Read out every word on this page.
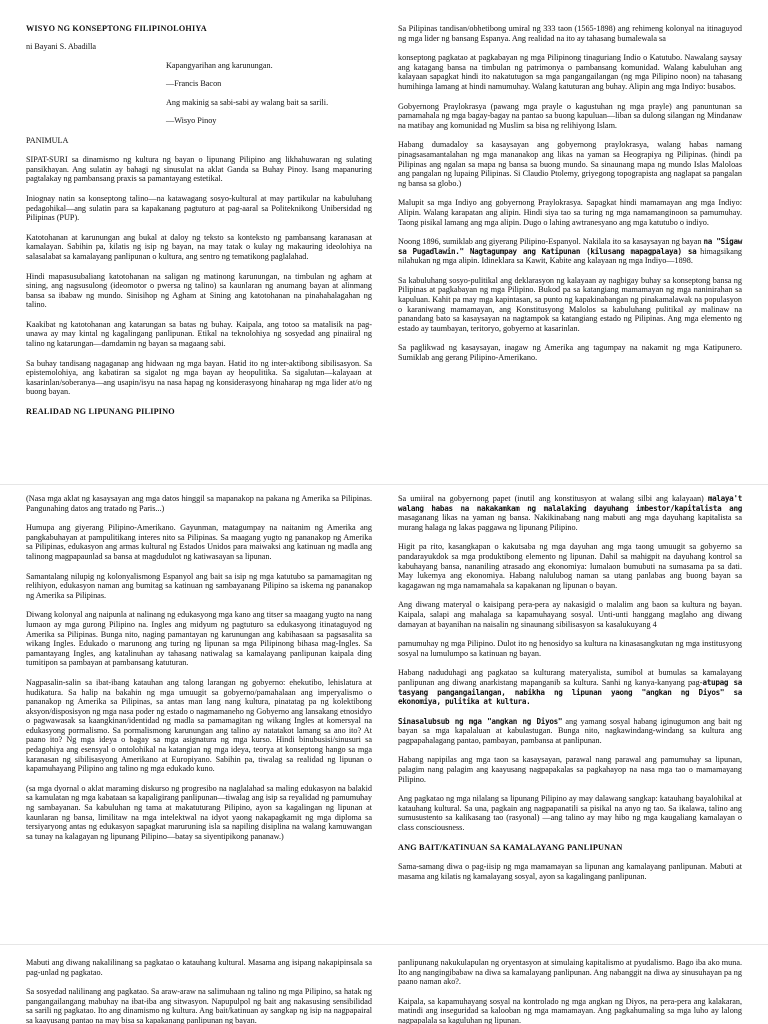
WISYO NG KONSEPTONG FILIPINOLOHIYA

ni Bayani S. Abadilla

Kapangyarihan ang karunungan.

—Francis Bacon

Ang makinig sa sabi-sabi ay walang bait sa sarili.

—Wisyo Pinoy

PANIMULA

SIPAT-SURI sa dinamismo ng kultura ng bayan o lipunang Pilipino ang likhahuwaran ng sulating pansikhayan. Ang sulatin ay bahagi ng sinusulat na aklat Ganda sa Buhay Pinoy. Isang mapanuring pagtalakay ng pambansang praxis sa pamantayang estetikal.

Iniognay natin sa konseptong talino—na katawagang sosyo-kultural at may partikular na kabuluhang pedagohikal—ang sulatin para sa kapakanang pagtuturo at pag-aaral sa Politeknikong Unibersidad ng Pilipinas (PUP).

Katotohanan at karunungan ang bukal at daloy ng teksto sa konteksto ng pambansang karanasan at kamalayan. Sabihin pa, kilatis ng isip ng bayan, na may tatak o kulay ng makauring ideolohiya na salasalabat sa kamalayang panlipunan o kultura, ang sentro ng tematikong paglalahad.

Hindi mapasusubaliang katotohanan na saligan ng matinong karunungan, na timbulan ng agham at sining, ang nagsusulong (ideomotor o pwersa ng talino) sa kaunlaran ng anumang bayan at alinmang bansa sa ibabaw ng mundo. Sinisihop ng Agham at Sining ang katotohanan na pinahahalagahan ng talino.

Kaakibat ng katotohanan ang katarungan sa batas ng buhay. Kaipala, ang totoo sa matalisik na pag-unawa ay may kintal ng kagalingang panlipunan. Etikal na teknolohiya ng sosyedad ang pinaiiral ng talino ng katarungan—damdamin ng bayan sa magaang sabi.

Sa buhay tandisang nagaganap ang hidwaan ng mga bayan. Hatid ito ng inter-aktibong sibilisasyon. Sa epistemolohiya, ang kabatiran sa sigalot ng mga bayan ay heopulitika. Sa sigalutan—kalayaan at kasarinlan/soberanya—ang usapin/isyu na nasa hapag ng konsiderasyong hinaharap ng mga lider at/o ng buong bayan.

REALIDAD NG LIPUNANG PILIPINO

Sa Pilipinas tandisan/obhetibong umiral ng 333 taon (1565-1898) ang rehimeng kolonyal na itinaguyod ng mga lider ng bansang Espanya. Ang realidad na ito ay tahasang bumalewala sa

konseptong pagkatao at pagkabayan ng mga Pilipinong tinaguriang Indio o Katutubo. Nawalang saysay ang katagang bansa na timbulan ng patrimonya o pambansang komunidad. Walang kabuluhan ang kalayaan sapagkat hindi ito nakatutugon sa mga pangangailangan (ng mga Pilipino noon) na tahasang humihinga lamang at hindi namumuhay. Walang katuturan ang buhay. Alipin ang mga Indiyo: busabos.

Gobyernong Praylokrasya (pawang mga prayle o kagustuhan ng mga prayle) ang panuntunan sa pamamahala ng mga bagay-bagay na pantao sa buong kapuluan—liban sa dulong silangan ng Mindanaw na matibay ang komunidad ng Muslim sa bisa ng relihiyong Islam.

Habang dumadaloy sa kasaysayan ang gobyernong praylokrasya, walang habas namang pinagsasamantalahan ng mga mananakop ang likas na yaman sa Heograpiya ng Pilipinas. (hindi pa Pilipinas ang ngalan sa mapa ng bansa sa buong mundo. Sa sinaunang mapa ng mundo Islas Maloloas ang pangalan ng lupaing Pilipinas. Si Claudio Ptolemy, griyegong topograpista ang naglapat sa pangalan ng bansa sa globo.)

Malupit sa mga Indiyo ang gobyernong Praylokrasya. Sapagkat hindi mamamayan ang mga Indiyo: Alipin. Walang karapatan ang alipin. Hindi siya tao sa turing ng mga namamanginoon sa pamumuhay. Taong pisikal lamang ang mga alipin. Dugo o lahing awtranesyano ang mga katutubo o indiyo.

Noong 1896, sumiklab ang giyerang Pilipino-Espanyol. Nakilala ito sa kasaysayan ng bayan na "Sigaw sa Pugadlawin." Nagtagumpay ang Katipunan (kilusang mapagpalaya) sa himagsikang nilahukan ng mga alipin. Idineklara sa Kawit, Kabite ang kalayaan ng mga Indiyo—1898.

Sa kabuluhang sosyo-pulitikal ang deklarasyon ng kalayaan ay nagbigay buhay sa konseptong bansa ng Pilipinas at pagkabayan ng mga Pilipino. Bukod pa sa katangiang mamamayan ng mga naninirahan sa kapuluan. Kahit pa may mga kapintasan, sa punto ng kapakinabangan ng pinakamalawak na populasyon o karaniwang mamamayan, ang Konstitusyong Malolos sa kabuluhang pulitikal ay malinaw na panandang bato sa kasaysayan na nagtampok sa katangiang estado ng Pilipinas. Ang mga elemento ng estado ay taumbayan, teritoryo, gobyerno at kasarinlan.

Sa paglikwad ng kasaysayan, inagaw ng Amerika ang tagumpay na nakamit ng mga Katipunero. Sumiklab ang gerang Pilipino-Amerikano.

(Nasa mga aklat ng kasaysayan ang mga datos hinggil sa mapanakop na pakana ng Amerika sa Pilipinas. Pangunahing datos ang tratado ng Paris...)

Humupa ang giyerang Pilipino-Amerikano. Gayunman, matagumpay na naitanim ng Amerika ang pangkabuhayan at pampulitikang interes nito sa Pilipinas. Sa maagang yugto ng pananakop ng Amerika sa Pilipinas, edukasyon ang armas kultural ng Estados Unidos para maiwaksi ang katinuan ng madla ang talinong magpapaunlad sa bansa at magdudulot ng katiwasayan sa lipunan.

Samantalang nilupig ng kolonyalismong Espanyol ang bait sa isip ng mga katutubo sa pamamagitan ng relihiyon, edukasyon naman ang bumitag sa katinuan ng sambayanang Pilipino sa iskema ng pananakop ng Amerika sa Pilipinas.

Diwang kolonyal ang naipunla at nalinang ng edukasyong mga kano ang titser sa maagang yugto na nang lumaon ay mga gurong Pilipino na. Ingles ang midyum ng pagtuturo sa edukasyong itinataguyod ng Amerika sa Pilipinas. Bunga nito, naging pamantayan ng karunungan ang kabihasaan sa pagsasalita sa wikang Ingles. Edukado o marunong ang turing ng lipunan sa mga Pilipinong bihasa mag-Ingles. Sa pamantayang Ingles, ang katalinuhan ay tahasang natiwalag sa kamalayang panlipunan kaipala ding tumitipon sa pambayan at pambansang katuturan.

Nagpasalin-salin sa ibat-ibang katauhan ang talong larangan ng gobyerno: ehekutibo, lehislatura at hudikatura. Sa halip na bakahin ng mga umuugit sa gobyerno/pamahalaan ang imperyalismo o pananakop ng Amerika sa Pilipinas, sa antas man lang nang kultura, pinatatag pa ng kolektibong aksyon/disposisyon ng mga nasa poder ng estado o nagmamaneho ng Gobyerno ang lansakang etnosidyo o pagwawasak sa kaangkinan/identidad ng madla sa pamamagitan ng wikang Ingles at komersyal na edukasyong pormalismo. Sa pormalismong karunungan ang talino ay natatakot lamang sa ano ito? At paano ito? Ng mga ideya o bagay sa mga asignatura ng mga kurso. Hindi binubusisi/sinusuri sa pedagohiya ang esensyal o ontolohikal na katangian ng mga ideya, teorya at konseptong hango sa mga karanasan ng sibilisasyong Amerikano at Europiyano. Sabihin pa, tiwalag sa realidad ng lipunan o kapamuhayang Pilipino ang talino ng mga edukado kuno.

(sa mga dyornal o aklat maraming diskurso ng progresibo na naglalahad sa maling edukasyon na balakid sa kamulatan ng mga kabataan sa kapaligirang panlipunan—tiwalag ang isip sa reyalidad ng pamumuhay ng sambayanan. Sa kabuluhan ng tama at makatuturang Pilipino, ayon sa kagalingan ng lipunan at kaunlaran ng bansa, limilitaw na mga intelektwal na idyot yaong nakapagkamit ng mga diploma sa tersiyaryong antas ng edukasyon sapagkat maruruning isla sa napiling disiplina na walang kamuwangan sa tunay na kalagayan ng lipunang Pilipino—batay sa siyentipikong pananaw.)

Sa umiiral na gobyernong papet (inutil ang konstitusyon at walang silbi ang kalayaan) malaya't walang habas na nakakamkam ng malalaking dayuhang imbestor/kapitalista ang masaganang likas na yaman ng bansa. Nakikinabang nang mabuti ang mga dayuhang kapitalista sa murang halaga ng lakas paggawa ng lipunang Pilipino.

Higit pa rito, kasangkapan o kakutsaba ng mga dayuhan ang mga taong umuugit sa gobyerno sa pandarayukdok sa mga produktibong elemento ng lipunan. Dahil sa mahigpit na dayuhang kontrol sa kabuhayang bansa, nananiling atrasado ang ekonomiya: lumalaon bumubuti na sumasama pa sa dati. May lukemya ang ekonomiya. Habang nalulubog naman sa utang panlabas ang buong bayan sa kagagawan ng mga namamahala sa kapakanan ng lipunan o bayan.

Ang diwang materyal o kaisipang pera-pera ay nakasigid o malalim ang baon sa kultura ng bayan. Kaipala, salapi ang mahalaga sa kapamuhayang sosyal. Unti-unti hanggang maglaho ang diwang damayan at bayanihan na naisalin ng sinaunang sibilisasyon sa kasalukuyang 4

pamumuhay ng mga Pilipino. Dulot ito ng henosidyo sa kultura na kinasasangkutan ng mga institusyong sosyal na lumulumpo sa katinuan ng bayan.

Habang naduduhagi ang pagkatao sa kulturang materyalista, sumibol at bumulas sa kamalayang panlipunan ang diwang anarkistang mapanganib sa kultura. Sanhi ng kanya-kanyang pag-atupag sa tasyang pangangailangan, nabikha ng lipunan yaong "angkan ng Diyos" sa ekonomiya, pulitika at kultura.

Sinasalubsub ng mga "angkan ng Diyos" ang yamang sosyal habang iginugumon ang bait ng bayan sa mga kapalaluan at kabulastugan. Bunga nito, nagkawindang-windang sa kultura ang pagpapahalagang pantao, pambayan, pambansa at panlipunan.

Habang napipilas ang mga taon sa kasaysayan, parawal nang parawal ang pamumuhay sa lipunan, palagim nang palagim ang kaayusang nagpapakalas sa pagkahayop na nasa mga tao o mamamayang Pilipino.

Ang pagkatao ng mga nilalang sa lipunang Pilipino ay may dalawang sangkap: katauhang bayalohikal at katauhang kultural. Sa una, pagkain ang nagpapanatili sa pisikal na anyo ng tao. Sa ikalawa, talino ang sumusustento sa kalikasang tao (rasyonal) —ang talino ay may hibo ng mga kaugaliang kamalayan o class consciousness.

ANG BAIT/KATINUAN SA KAMALAYANG PANLIPUNAN

Sama-samang diwa o pag-iisip ng mga mamamayan sa lipunan ang kamalayang panlipunan. Mabuti at masama ang kilatis ng kamalayang sosyal, ayon sa kagalingang panlipunan.

Mabuti ang diwang nakalilinang sa pagkatao o katauhang kultural. Masama ang isipang nakapipinsala sa pag-unlad ng pagkatao.

Sa sosyedad nalilinang ang pagkatao. Sa araw-araw na salimuhaan ng talino ng mga Pilipino, sa hatak ng pangangailangang mabuhay na ibat-iba ang sitwasyon. Napupulpol ng bait ang nakasusing sensibilidad sa sarili ng pagkatao. Ito ang dinamismo ng kultura. Ang bait/katinuan ay sangkap ng isip na nagpapairal sa kaayusang pantao na may bisa sa kapakanang panlipunan ng bayan.

panlipunang nakukulapulan ng oryentasyon at simulaing kapitalismo at pyudalismo. Bago iba ako muna. Ito ang nangingibabaw na diwa sa kamalayang panlipunan. Ang nabanggit na diwa ay sinusuhayan pa ng paano naman ako?.

Kaipala, sa kapamuhayang sosyal na kontrolado ng mga angkan ng Diyos, na pera-pera ang kalakaran, matindi ang inseguridad sa kalooban ng mga mamamayan. Ang pagkahumaling sa mga luho ay lalong nagpapalala sa kaguluhan ng lipunan.
